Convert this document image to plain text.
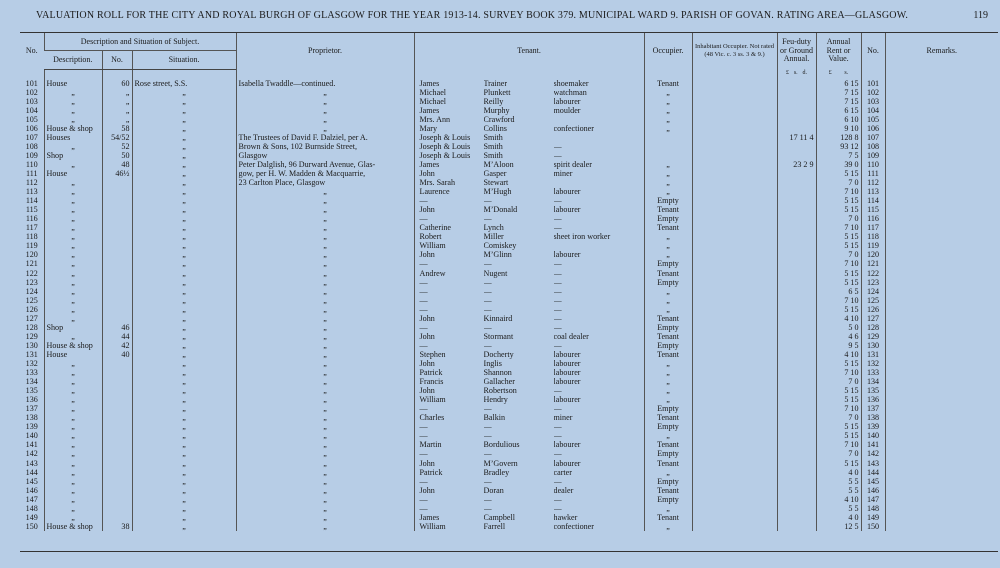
VALUATION ROLL FOR THE CITY AND ROYAL BURGH OF GLASGOW FOR THE YEAR 1913-14. SURVEY BOOK 379. MUNICIPAL WARD 9. PARISH OF GOVAN. RATING AREA—GLASGOW.	119
No.	Description and Situation of Subject.			Proprietor.	Tenant.	Occupier.	Inhabitant Occupier. Not rated (48 Vic. c. 3 ss. 3 & 9.)	Feu-duty or Ground Annual.	Annual Rent or Value.	No.	Remarks.
	Description.	No.	Situation.								

								£ s. d.	£ s.		

101	House	60	Rose street, S.S.	Isabella Twaddle—continued.	James Trainer shoemaker	Tenant			6 15	101	
102	„	„	„	„	Michael Plunkett watchman	„			7 15	102	
103	„	„	„	„	Michael Reilly labourer	„			7 15	103	
104	„	„	„	„	James Murphy moulder	„			6 15	104	
105	„	„	„	„	Mrs. Ann Crawford	„			6 10	105	
106	House & shop	58	„	„	Mary Collins confectioner	„			9 10	106	
107	Houses	54/52	„	The Trustees of David F. Dalziel, per A.	Joseph & Louis Smith			17 11 4	128 8	107	
108	„	52	„	Brown & Sons, 102 Burnside Street,	Joseph & Louis Smith —				93 12	108	
109	Shop	50	„	Glasgow	Joseph & Louis Smith —				7 5	109	
110	„	48	„	Peter Dalglish, 96 Durward Avenue, Glas-	James M’Aloon spirit dealer	„		23 2 9	39 0	110	
111	House	46½	„	gow, per H. W. Madden & Macquarrie,	John Gasper miner	„			5 15	111	
112	„		„	23 Carlton Place, Glasgow	Mrs. Sarah Stewart	„			7 0	112	
113	„		„	„	Laurence M’Hugh labourer	„			7 10	113	
114	„		„	„	— — —	Empty			5 15	114	
115	„		„	„	John M’Donald labourer	Tenant			5 15	115	
116	„		„	„	— — —	Empty			7 0	116	
117	„		„	„	Catherine Lynch —	Tenant			7 10	117	
118	„		„	„	Robert Miller sheet iron worker	„			5 15	118	
119	„		„	„	William Comiskey	„			5 15	119	
120	„		„	„	John M’Glinn labourer	„			7 0	120	
121	„		„	„	— — —	Empty			7 10	121	
122	„		„	„	Andrew Nugent —	Tenant			5 15	122	
123	„		„	„	— — —	Empty			5 15	123	
124	„		„	„	— — —	„			6 5	124	
125	„		„	„	— — —	„			7 10	125	
126	„		„	„	— — —	„			5 15	126	
127	„		„	„	John Kinnaird —	Tenant			4 10	127	
128	Shop	46	„	„	— — —	Empty			5 0	128	
129	„	44	„	„	John Stormant coal dealer	Tenant			4 6	129	
130	House & shop	42	„	„	— — —	Empty			9 5	130	
131	House	40	„	„	Stephen Docherty labourer	Tenant			4 10	131	
132	„		„	„	John Inglis labourer	„			5 15	132	
133	„		„	„	Patrick Shannon labourer	„			7 10	133	
134	„		„	„	Francis Gallacher labourer	„			7 0	134	
135	„		„	„	John Robertson —	„			5 15	135	
136	„		„	„	William Hendry labourer	„			5 15	136	
137	„		„	„	— — —	Empty			7 10	137	
138	„		„	„	Charles Balkin miner	Tenant			7 0	138	
139	„		„	„	— — —	Empty			5 15	139	
140	„		„	„	— — —	„			5 15	140	
141	„		„	„	Martin Bordulious labourer	Tenant			7 10	141	
142	„		„	„	— — —	Empty			7 0	142	
143	„		„	„	John M’Govern labourer	Tenant			5 15	143	
144	„		„	„	Patrick Bradley carter	„			4 0	144	
145	„		„	„	— — —	Empty			5 5	145	
146	„		„	„	John Doran dealer	Tenant			5 5	146	
147	„		„	„	— — —	Empty			4 10	147	
148	„		„	„	— — —	„			5 5	148	
149	„		„	„	James Campbell hawker	Tenant			4 0	149	
150	House & shop	38	„	„	William Farrell confectioner	„			12 5	150	
